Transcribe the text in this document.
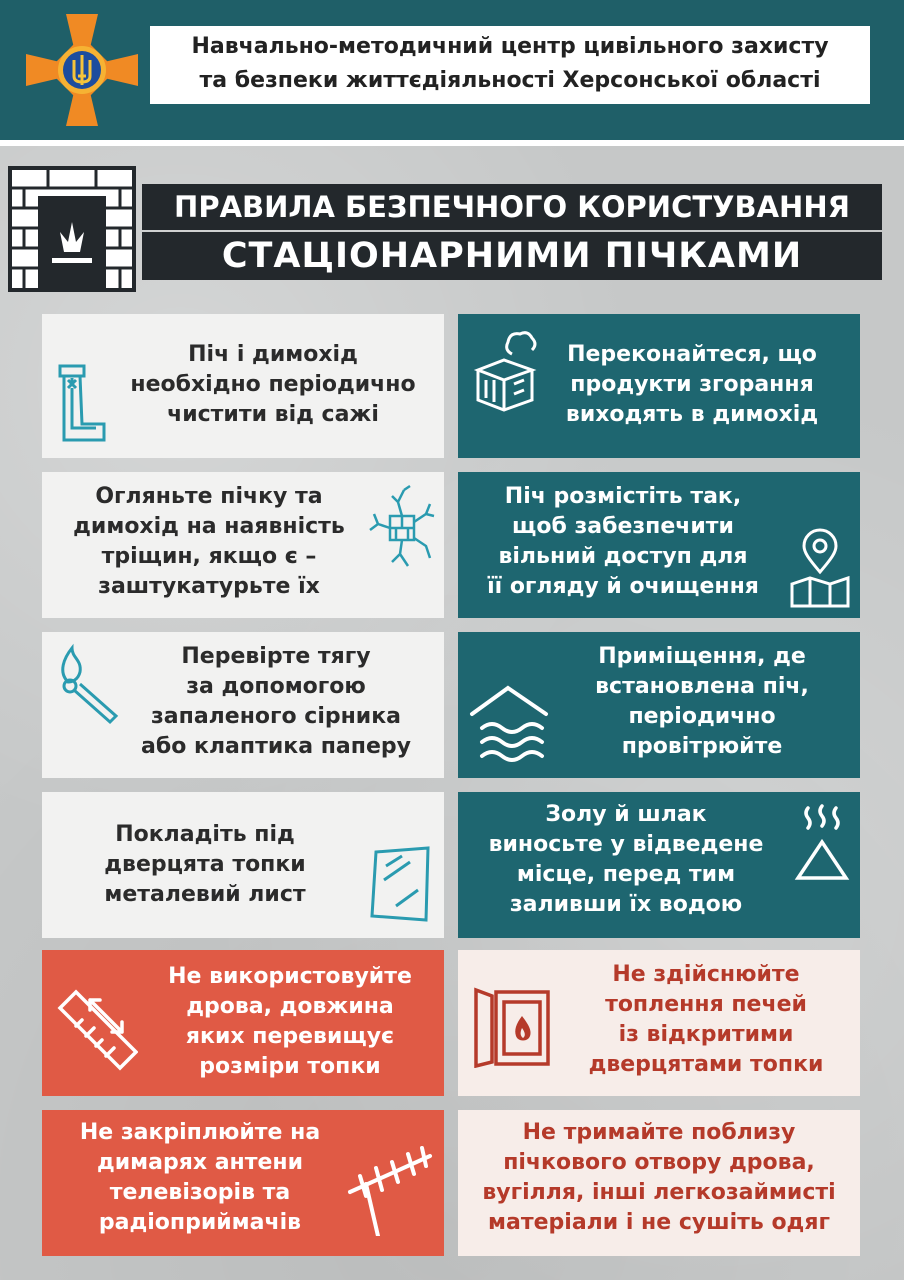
Навчально-методичний центр цивільного захисту
та безпеки життєдіяльності Херсонської області
ПРАВИЛА БЕЗПЕЧНОГО КОРИСТУВАННЯ
СТАЦІОНАРНИМИ ПІЧКАМИ
Піч і димохід
необхідно періодично
чистити від сажі
Переконайтеся, що
продукти згорання
виходять в димохід
Огляньте пічку та
димохід на наявність
тріщин, якщо є –
заштукатурьте їх
Піч розмістіть так,
щоб забезпечити
вільний доступ для
її огляду й очищення
Перевірте тягу
за допомогою
запаленого сірника
або клаптика паперу
Приміщення, де
встановлена піч,
періодично
провітрюйте
Покладіть під
дверцята топки
металевий лист
Золу й шлак
виносьте у відведене
місце, перед тим
заливши їх водою
Не використовуйте
дрова, довжина
яких перевищує
розміри топки
Не здійснюйте
топлення печей
із відкритими
дверцятами топки
Не закріплюйте на
димарях антени
телевізорів та
радіоприймачів
Не тримайте поблизу
пічкового отвору дрова,
вугілля, інші легкозаймисті
матеріали і не сушіть одяг
